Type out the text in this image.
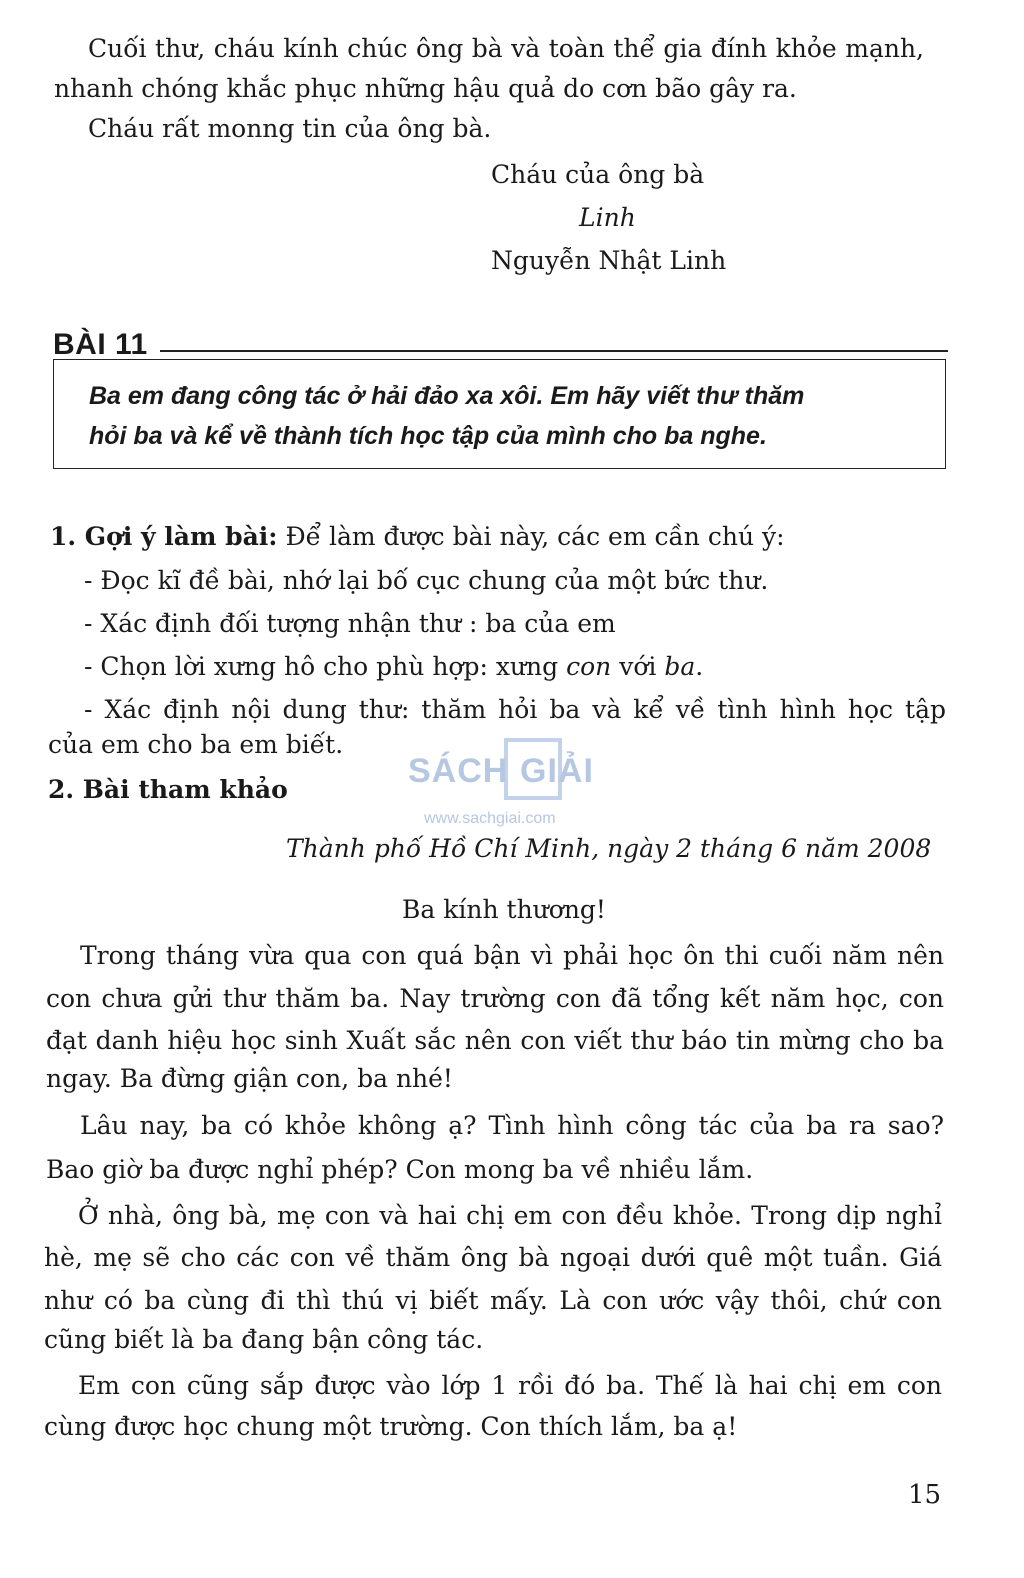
Cuối thư, cháu kính chúc ông bà và toàn thể gia đính khỏe mạnh,
nhanh chóng khắc phục những hậu quả do cơn bão gây ra.
Cháu rất monng tin của ông bà.
Cháu của ông bà
Linh
Nguyễn Nhật Linh
BÀI 11
Ba em đang công tác ở hải đảo xa xôi. Em hãy viết thư thăm
hỏi ba và kể về thành tích học tập của mình cho ba nghe.
1. Gợi ý làm bài: Để làm được bài này, các em cần chú ý:
- Đọc kĩ đề bài, nhớ lại bố cục chung của một bức thư.
- Xác định đối tượng nhận thư : ba của em
- Chọn lời xưng hô cho phù hợp: xưng con với ba.
- Xác định nội dung thư: thăm hỏi ba và kể về tình hình học tập
của em cho ba em biết.
2. Bài tham khảo	SÁCH GIẢI
www.sachgiai.com
Thành phố Hồ Chí Minh, ngày 2 tháng 6 năm 2008
Ba kính thương!
Trong tháng vừa qua con quá bận vì phải học ôn thi cuối năm nên
con chưa gửi thư thăm ba. Nay trường con đã tổng kết năm học, con
đạt danh hiệu học sinh Xuất sắc nên con viết thư báo tin mừng cho ba
ngay. Ba đừng giận con, ba nhé!
Lâu nay, ba có khỏe không ạ? Tình hình công tác của ba ra sao?
Bao giờ ba được nghỉ phép? Con mong ba về nhiều lắm.
Ở nhà, ông bà, mẹ con và hai chị em con đều khỏe. Trong dịp nghỉ
hè, mẹ sẽ cho các con về thăm ông bà ngoại dưới quê một tuần. Giá
như có ba cùng đi thì thú vị biết mấy. Là con ước vậy thôi, chứ con
cũng biết là ba đang bận công tác.
Em con cũng sắp được vào lớp 1 rồi đó ba. Thế là hai chị em con
cùng được học chung một trường. Con thích lắm, ba ạ!
15
